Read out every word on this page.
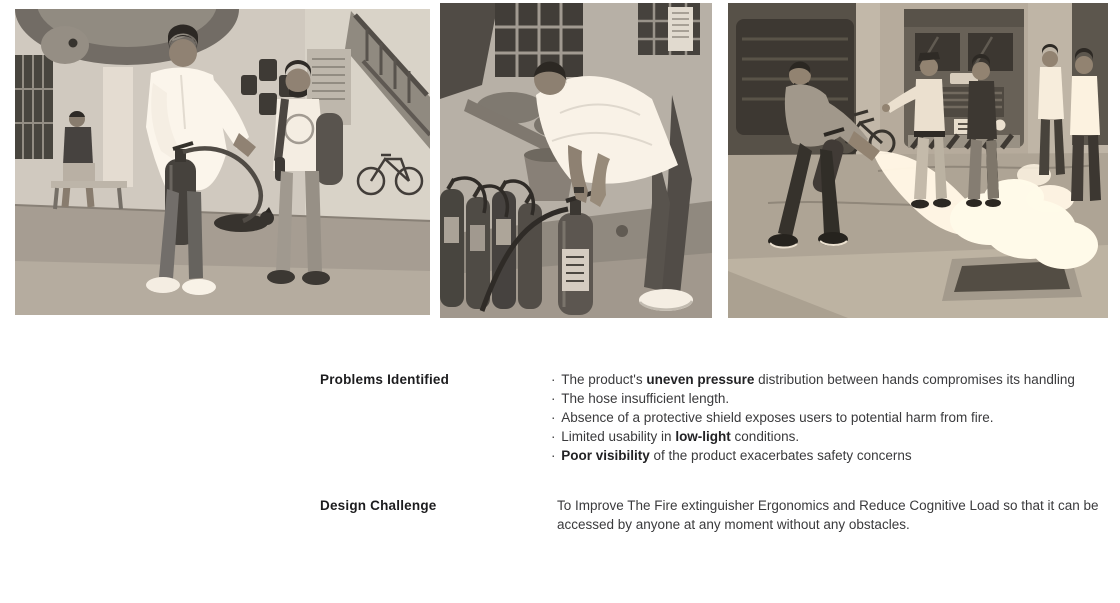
Problems Identified	· The product's uneven pressure distribution between hands compromises its handling
· The hose insufficient length.
· Absence of a protective shield exposes users to potential harm from fire.
· Limited usability in low-light conditions.
· Poor visibility of the product exacerbates safety concerns
Design Challenge	To Improve The Fire extinguisher Ergonomics and Reduce Cognitive Load so that it can be accessed by anyone at any moment without any obstacles.
